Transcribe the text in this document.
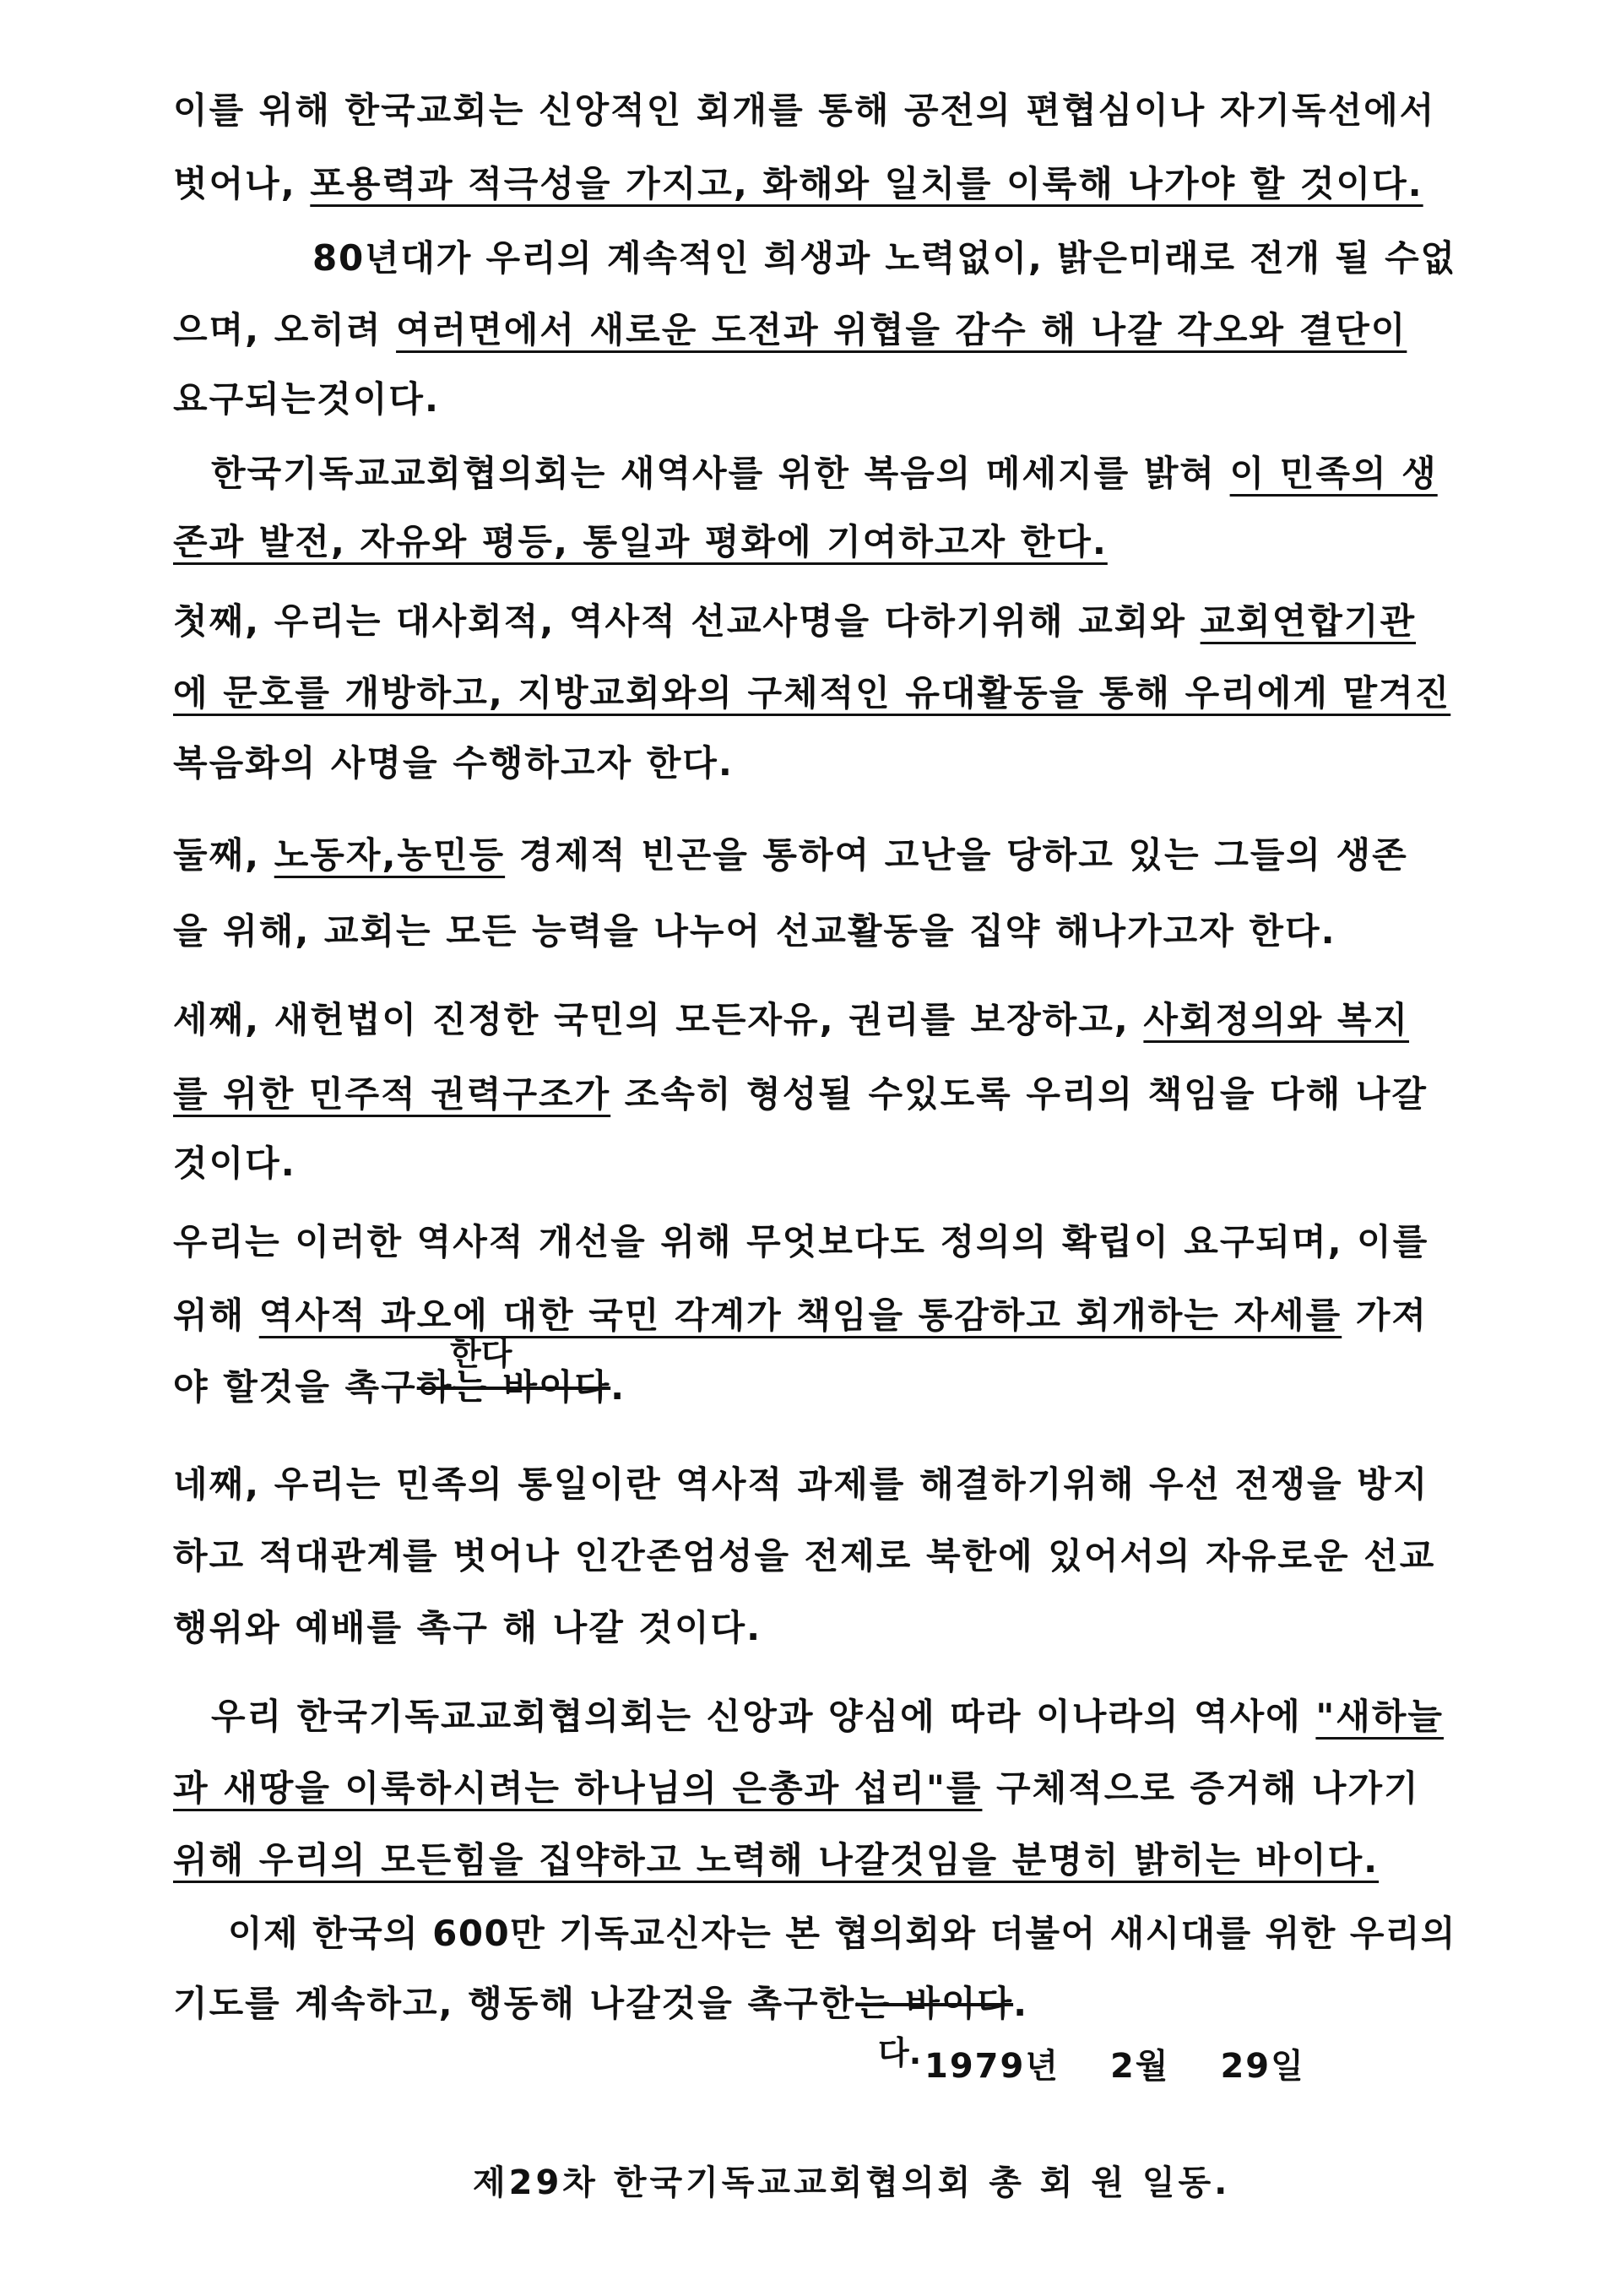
이를 위해 한국교회는 신앙적인 회개를 통해 공전의 편협심이나 자기독선에서
벗어나, 포용력과 적극성을 가지고, 화해와 일치를 이룩해 나가야 할 것이다.
80년대가 우리의 계속적인 희생과 노력없이, 밝은미래로 전개 될 수없
으며, 오히려 여러면에서 새로운 도전과 위협을 감수 해 나갈 각오와 결단이
요구되는것이다.
한국기독교교회협의회는 새역사를 위한 복음의 메세지를 밝혀 이 민족의 생
존과 발전, 자유와 평등, 통일과 평화에 기여하고자 한다.
첫째, 우리는 대사회적, 역사적 선교사명을 다하기위해 교회와 교회연합기관
에 문호를 개방하고, 지방교회와의 구체적인 유대활동을 통해 우리에게 맡겨진
복음화의 사명을 수행하고자 한다.
둘째, 노동자,농민등 경제적 빈곤을 통하여 고난을 당하고 있는 그들의 생존
을 위해, 교회는 모든 능력을 나누어 선교활동을 집약 해나가고자 한다.
세째, 새헌법이 진정한 국민의 모든자유, 권리를 보장하고, 사회정의와 복지
를 위한 민주적 권력구조가 조속히 형성될 수있도록 우리의 책임을 다해 나갈
것이다.
우리는 이러한 역사적 개선을 위해 무엇보다도 정의의 확립이 요구되며, 이를
위해 역사적 과오에 대한 국민 각계가 책임을 통감하고 회개하는 자세를 가져
한다
야 할것을 촉구하는 바이다.
네째, 우리는 민족의 통일이란 역사적 과제를 해결하기위해 우선 전쟁을 방지
하고 적대관계를 벗어나 인간존엄성을 전제로 북한에 있어서의 자유로운 선교
행위와 예배를 촉구 해 나갈 것이다.
우리 한국기독교교회협의회는 신앙과 양심에 따라 이나라의 역사에 "새하늘
과 새땅을 이룩하시려는 하나님의 은총과 섭리"를 구체적으로 증거해 나가기
위해 우리의 모든힘을 집약하고 노력해 나갈것임을 분명히 밝히는 바이다.
이제 한국의 600만 기독교신자는 본 협의회와 더불어 새시대를 위한 우리의
기도를 계속하고, 행동해 나갈것을 촉구한는 바이다.
다. 1979년 2월 29일
제29차 한국기독교교회협의회 총 회 원 일동.
